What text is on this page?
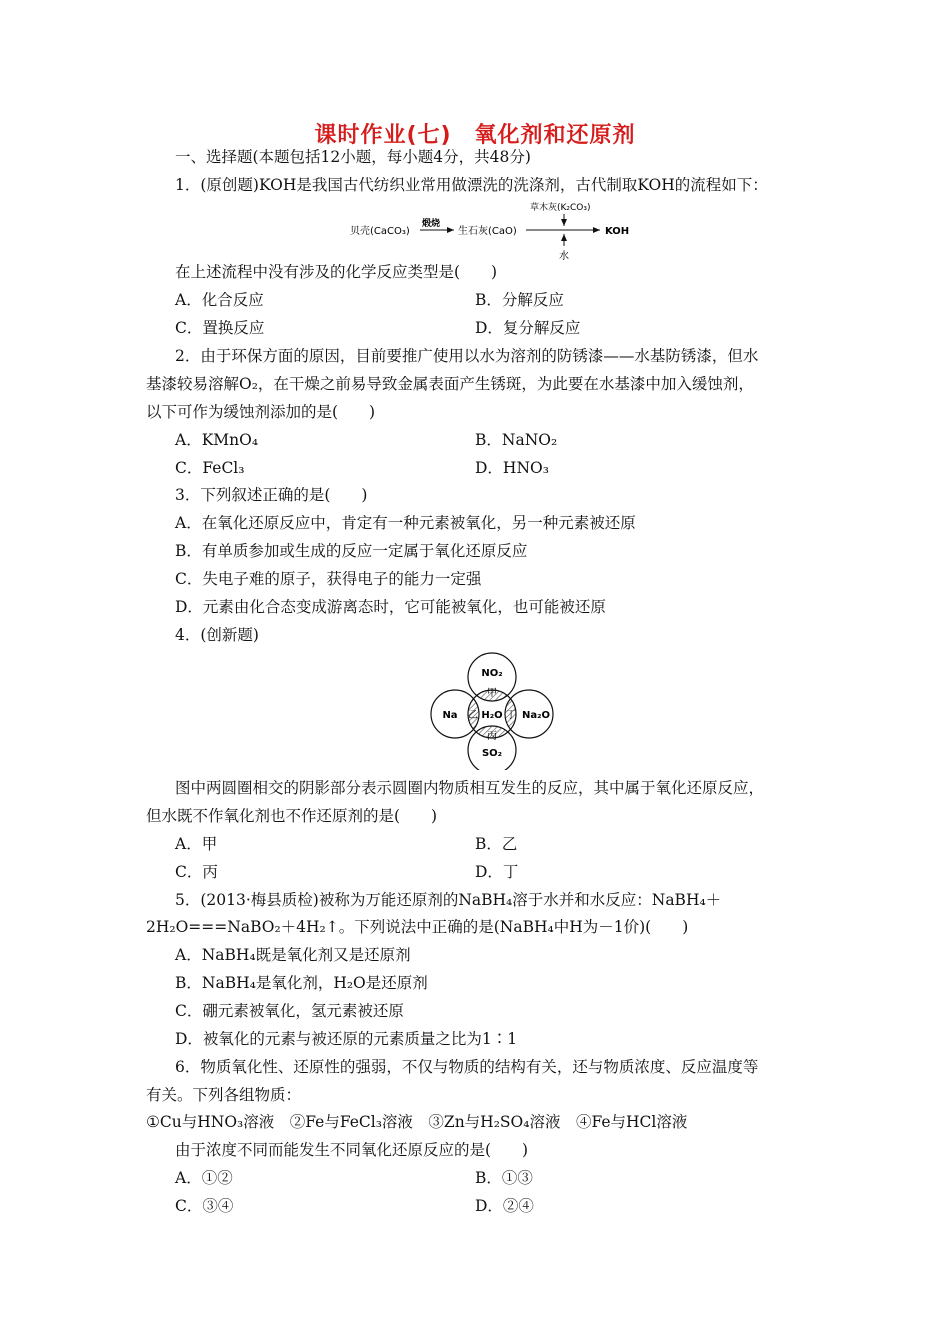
课时作业(七)　氧化剂和还原剂
一、选择题(本题包括12小题，每小题4分，共48分)
1．(原创题)KOH是我国古代纺织业常用做漂洗的洗涤剂，古代制取KOH的流程如下：
贝壳(CaCO₃)
煅烧
生石灰(CaO)
草木灰(K₂CO₃)
水
KOH
在上述流程中没有涉及的化学反应类型是(　　)
A．化合反应	B．分解反应
C．置换反应	D．复分解反应
2．由于环保方面的原因，目前要推广使用以水为溶剂的防锈漆——水基防锈漆，但水
基漆较易溶解O₂，在干燥之前易导致金属表面产生锈斑，为此要在水基漆中加入缓蚀剂，
以下可作为缓蚀剂添加的是(　　)
A．KMnO₄	B．NaNO₂
C．FeCl₃	D．HNO₃
3．下列叙述正确的是(　　)
A．在氧化还原反应中，肯定有一种元素被氧化，另一种元素被还原
B．有单质参加或生成的反应一定属于氧化还原反应
C．失电子难的原子，获得电子的能力一定强
D．元素由化合态变成游离态时，它可能被氧化，也可能被还原
4．(创新题)
NO₂
Na H₂O Na₂O
SO₂
甲
乙
丙
丁
图中两圆圈相交的阴影部分表示圆圈内物质相互发生的反应，其中属于氧化还原反应，
但水既不作氧化剂也不作还原剂的是(　　)
A．甲	B．乙
C．丙	D．丁
5．(2013·梅县质检)被称为万能还原剂的NaBH₄溶于水并和水反应：NaBH₄＋
2H₂O===NaBO₂＋4H₂↑。下列说法中正确的是(NaBH₄中H为－1价)(　　)
A．NaBH₄既是氧化剂又是还原剂
B．NaBH₄是氧化剂，H₂O是还原剂
C．硼元素被氧化，氢元素被还原
D．被氧化的元素与被还原的元素质量之比为1∶1
6．物质氧化性、还原性的强弱，不仅与物质的结构有关，还与物质浓度、反应温度等
有关。下列各组物质：
①Cu与HNO₃溶液　②Fe与FeCl₃溶液　③Zn与H₂SO₄溶液　④Fe与HCl溶液
由于浓度不同而能发生不同氧化还原反应的是(　　)
A．①②	B．①③
C．③④	D．②④
